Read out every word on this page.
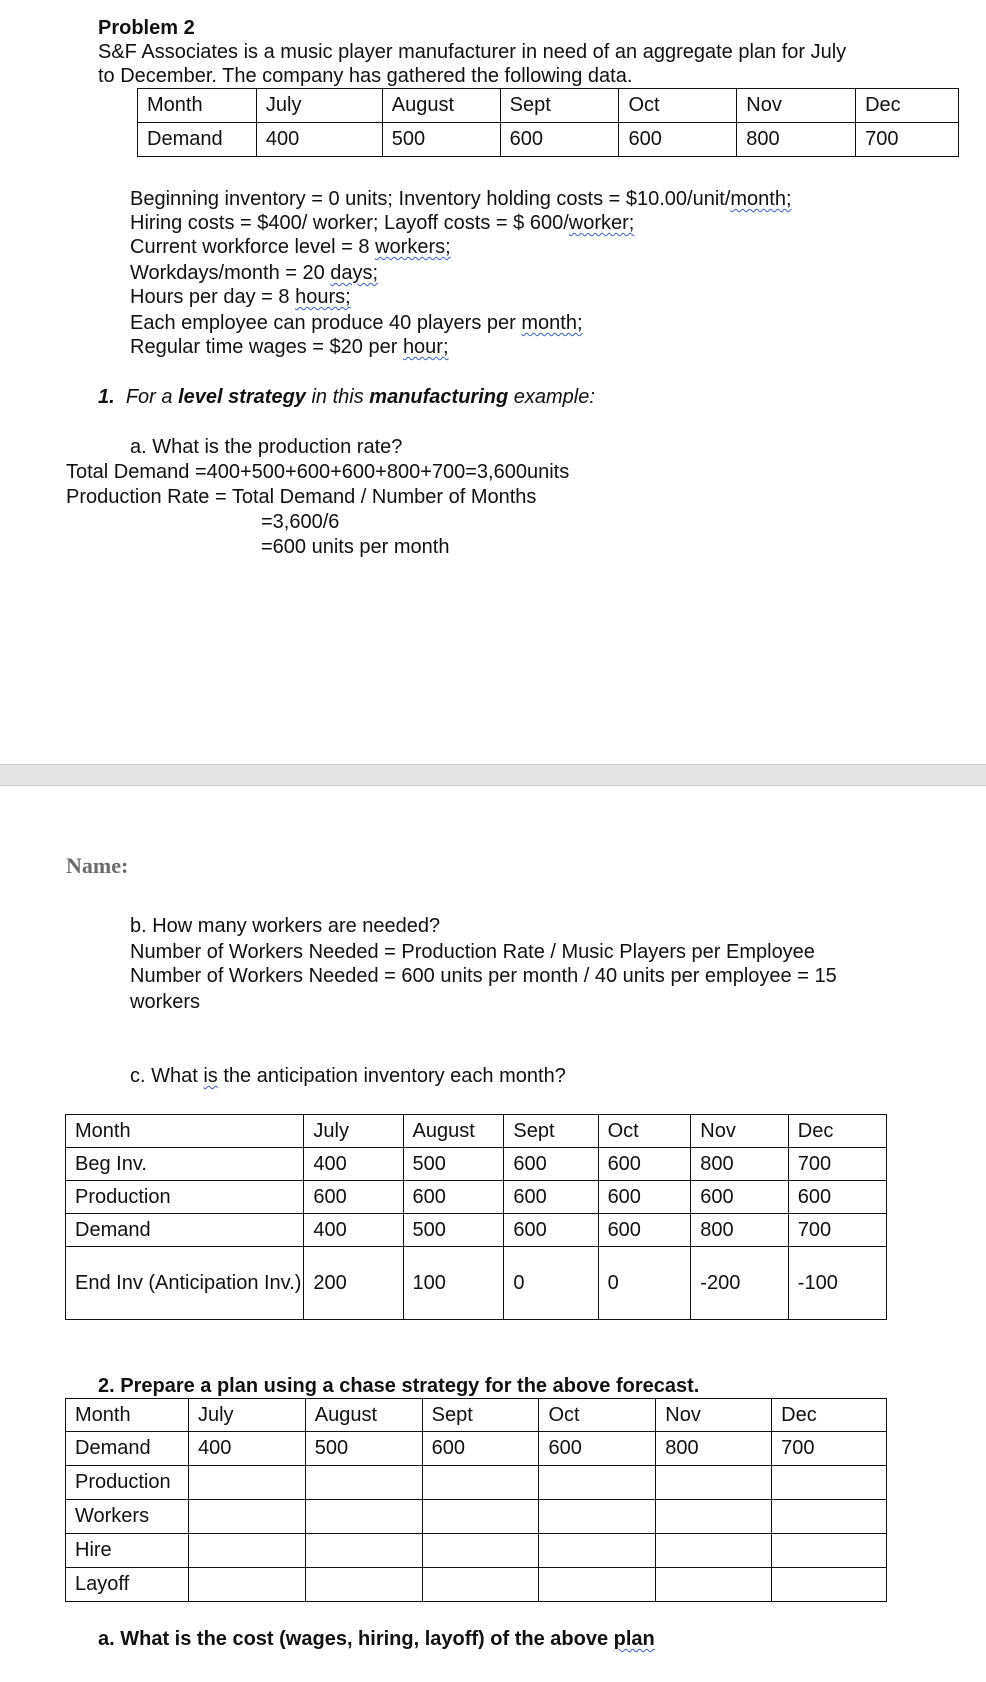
Problem 2
S&F Associates is a music player manufacturer in need of an aggregate plan for July
to December. The company has gathered the following data.
Month	July	August	Sept	Oct	Nov	Dec
Demand	400	500	600	600	800	700
Beginning inventory = 0 units; Inventory holding costs = $10.00/unit/month;
Hiring costs = $400/ worker; Layoff costs = $ 600/worker;
Current workforce level = 8 workers;
Workdays/month = 20 days;
Hours per day = 8 hours;
Each employee can produce 40 players per month;
Regular time wages = $20 per hour;
1. For a level strategy in this manufacturing example:
a. What is the production rate?
Total Demand =400+500+600+600+800+700=3,600units
Production Rate = Total Demand / Number of Months
=3,600/6
=600 units per month
Name:
b. How many workers are needed?
Number of Workers Needed = Production Rate / Music Players per Employee
Number of Workers Needed = 600 units per month / 40 units per employee = 15
workers
c. What is the anticipation inventory each month?
Month	July	August	Sept	Oct	Nov	Dec
Beg Inv.	400	500	600	600	800	700
Production	600	600	600	600	600	600
Demand	400	500	600	600	800	700
End Inv (Anticipation Inv.)	200	100	0	0	-200	-100
2. Prepare a plan using a chase strategy for the above forecast.
Month	July	August	Sept	Oct	Nov	Dec
Demand	400	500	600	600	800	700
Production						
Workers						
Hire						
Layoff						
a. What is the cost (wages, hiring, layoff) of the above plan
